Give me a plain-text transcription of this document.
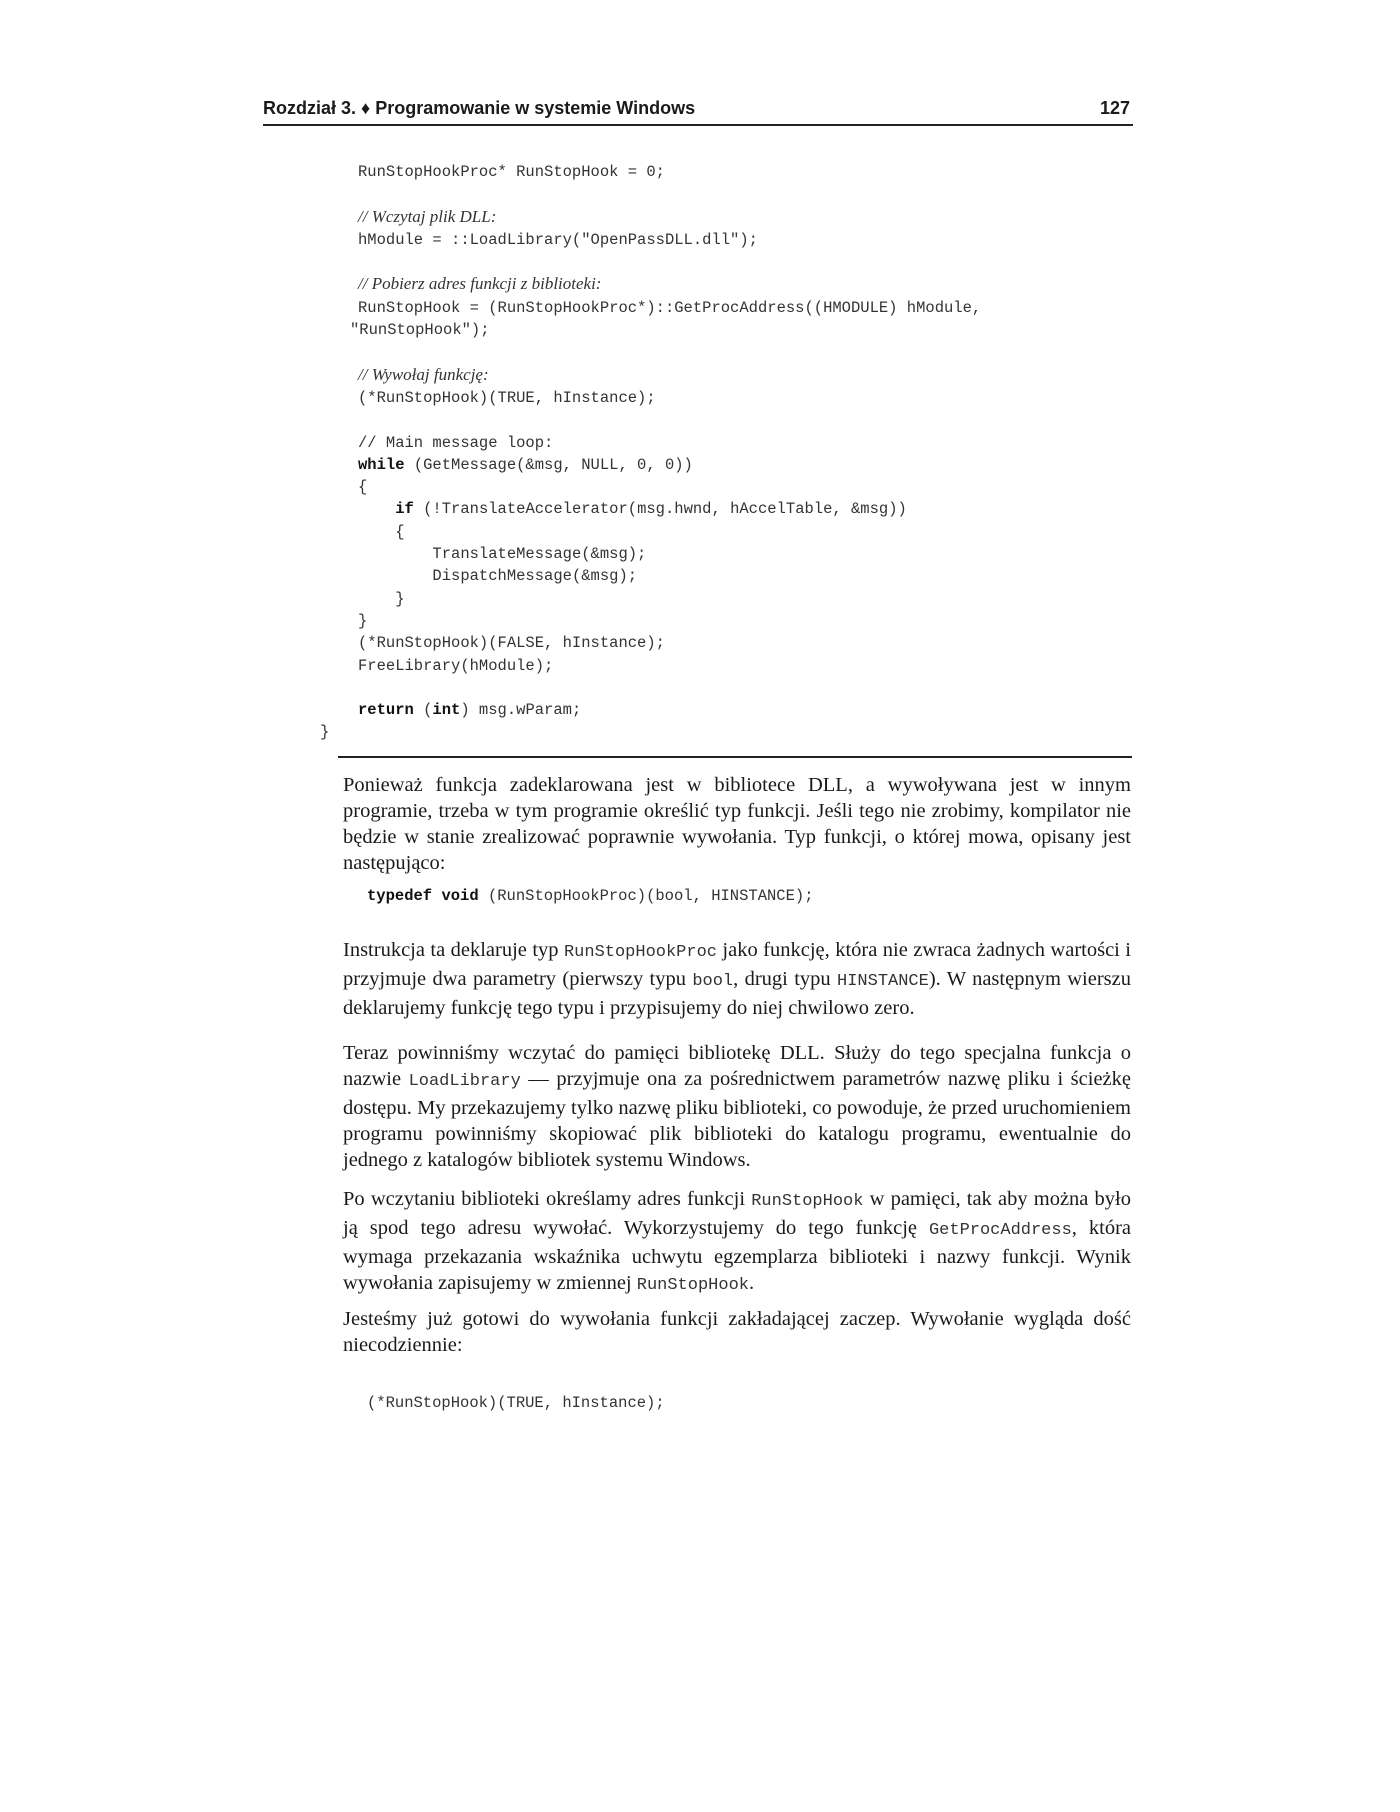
Rozdział 3. ♦ Programowanie w systemie Windows	127
RunStopHookProc* RunStopHook = 0;

// Wczytaj plik DLL:
hModule = ::LoadLibrary("OpenPassDLL.dll");

// Pobierz adres funkcji z biblioteki:
RunStopHook = (RunStopHookProc*)::GetProcAddress((HMODULE) hModule,
"RunStopHook");

// Wywołaj funkcję:
(*RunStopHook)(TRUE, hInstance);

// Main message loop:
while (GetMessage(&msg, NULL, 0, 0))
{
if (!TranslateAccelerator(msg.hwnd, hAccelTable, &msg))
{
TranslateMessage(&msg);
DispatchMessage(&msg);
}
}
(*RunStopHook)(FALSE, hInstance);
FreeLibrary(hModule);

return (int) msg.wParam;
}

Ponieważ funkcja zadeklarowana jest w bibliotece DLL, a wywoływana jest w innym programie, trzeba w tym programie określić typ funkcji. Jeśli tego nie zrobimy, kompilator nie będzie w stanie zrealizować poprawnie wywołania. Typ funkcji, o której mowa, opisany jest następująco:

typedef void (RunStopHookProc)(bool, HINSTANCE);

Instrukcja ta deklaruje typ RunStopHookProc jako funkcję, która nie zwraca żadnych wartości i przyjmuje dwa parametry (pierwszy typu bool, drugi typu HINSTANCE). W następnym wierszu deklarujemy funkcję tego typu i przypisujemy do niej chwilowo zero.

Teraz powinniśmy wczytać do pamięci bibliotekę DLL. Służy do tego specjalna funkcja o nazwie LoadLibrary — przyjmuje ona za pośrednictwem parametrów nazwę pliku i ścieżkę dostępu. My przekazujemy tylko nazwę pliku biblioteki, co powoduje, że przed uruchomieniem programu powinniśmy skopiować plik biblioteki do katalogu programu, ewentualnie do jednego z katalogów bibliotek systemu Windows.

Po wczytaniu biblioteki określamy adres funkcji RunStopHook w pamięci, tak aby można było ją spod tego adresu wywołać. Wykorzystujemy do tego funkcję GetProcAddress, która wymaga przekazania wskaźnika uchwytu egzemplarza biblioteki i nazwy funkcji. Wynik wywołania zapisujemy w zmiennej RunStopHook.

Jesteśmy już gotowi do wywołania funkcji zakładającej zaczep. Wywołanie wygląda dość niecodziennie:

(*RunStopHook)(TRUE, hInstance);
